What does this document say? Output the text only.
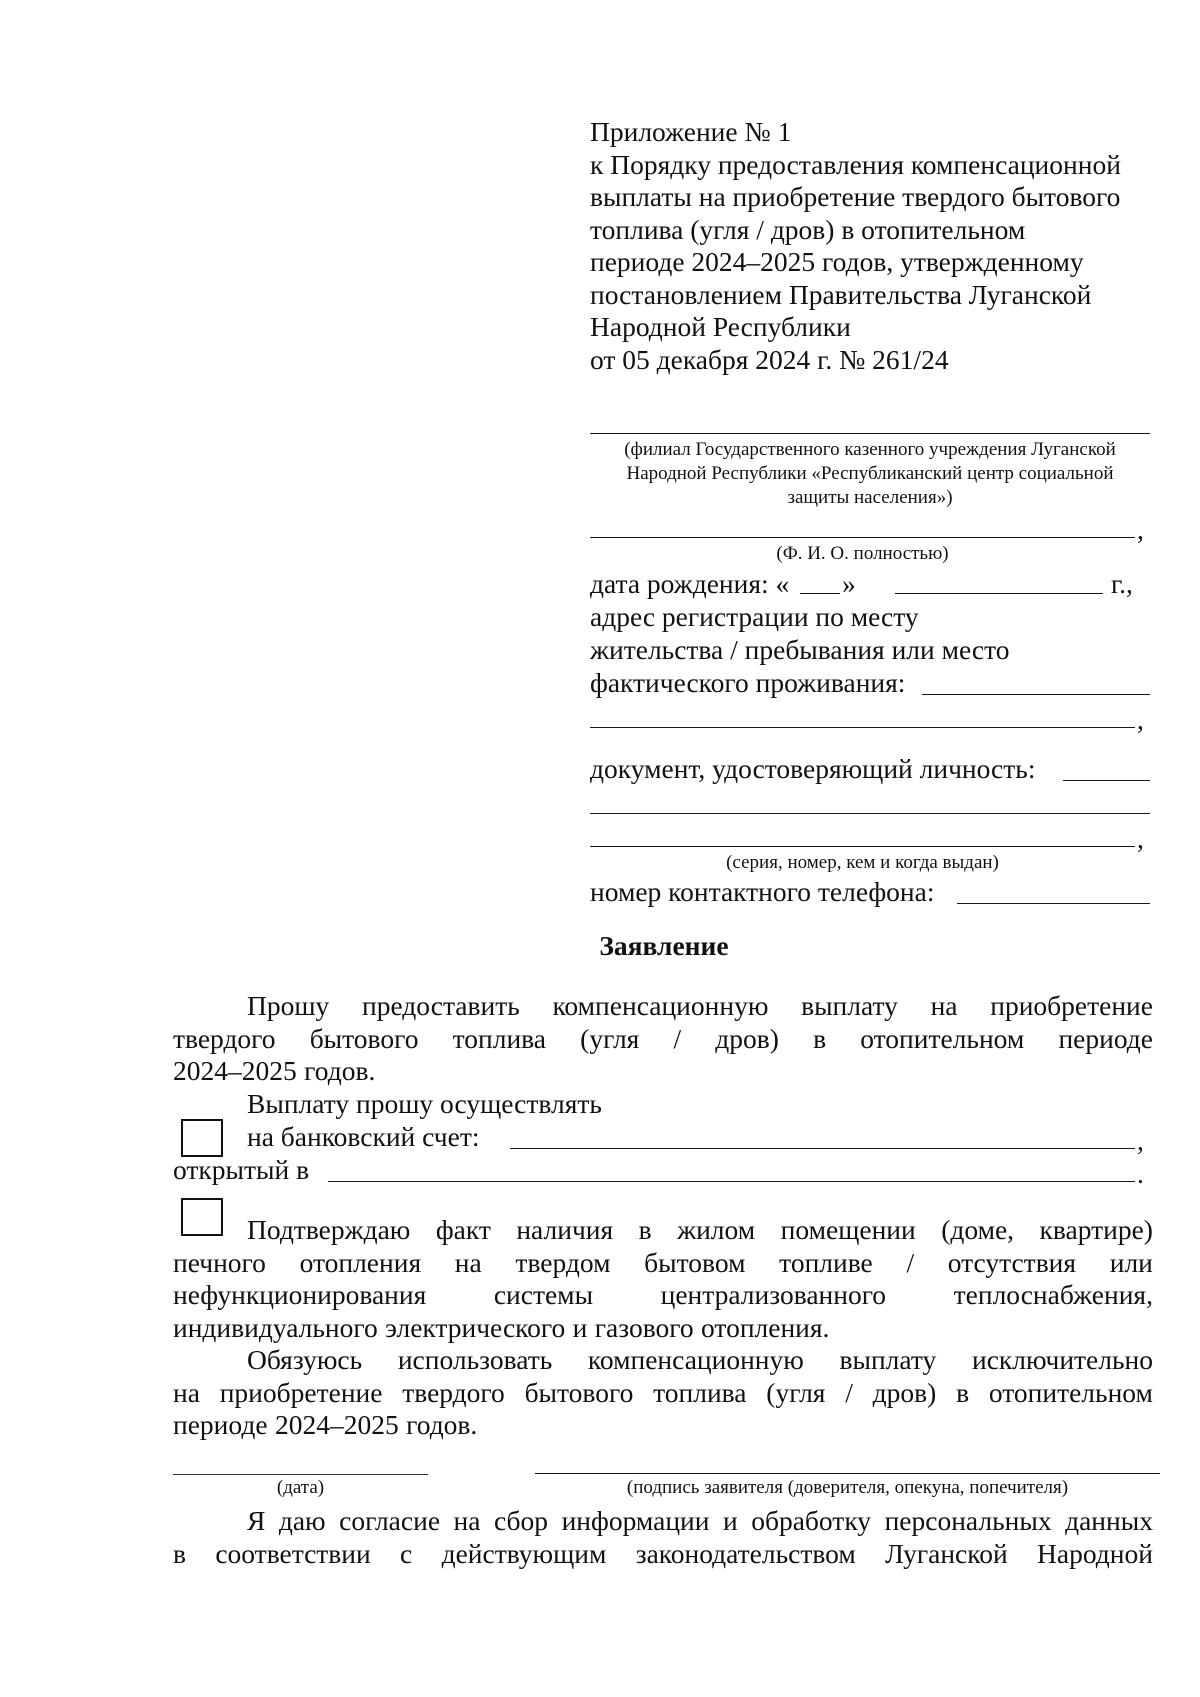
Приложение № 1
к Порядку предоставления компенсационной
выплаты на приобретение твердого бытового
топлива (угля / дров) в отопительном
периоде 2024–2025 годов, утвержденному
постановлением Правительства Луганской
Народной Республики
от 05 декабря 2024 г. № 261/24
(филиал Государственного казенного учреждения Луганской
Народной Республики «Республиканский центр социальной
защиты населения»)
,
(Ф. И. О. полностью)
дата рождения: « »	г.,
адрес регистрации по месту
жительства / пребывания или место
фактического проживания:
,
документ, удостоверяющий личность:
,
(серия, номер, кем и когда выдан)
номер контактного телефона:
Заявление
Прошу предоставить компенсационную выплату на приобретение
твердого бытового топлива (угля / дров) в отопительном периоде
2024–2025 годов.
Выплату прошу осуществлять
на банковский счет:	,
открытый в	.
Подтверждаю факт наличия в жилом помещении (доме, квартире)
печного отопления на твердом бытовом топливе / отсутствия или
нефункционирования системы централизованного теплоснабжения,
индивидуального электрического и газового отопления.
Обязуюсь использовать компенсационную выплату исключительно
на приобретение твердого бытового топлива (угля / дров) в отопительном
периоде 2024–2025 годов.
(дата)	(подпись заявителя (доверителя, опекуна, попечителя)
Я даю согласие на сбор информации и обработку персональных данных
в соответствии с действующим законодательством Луганской Народной
